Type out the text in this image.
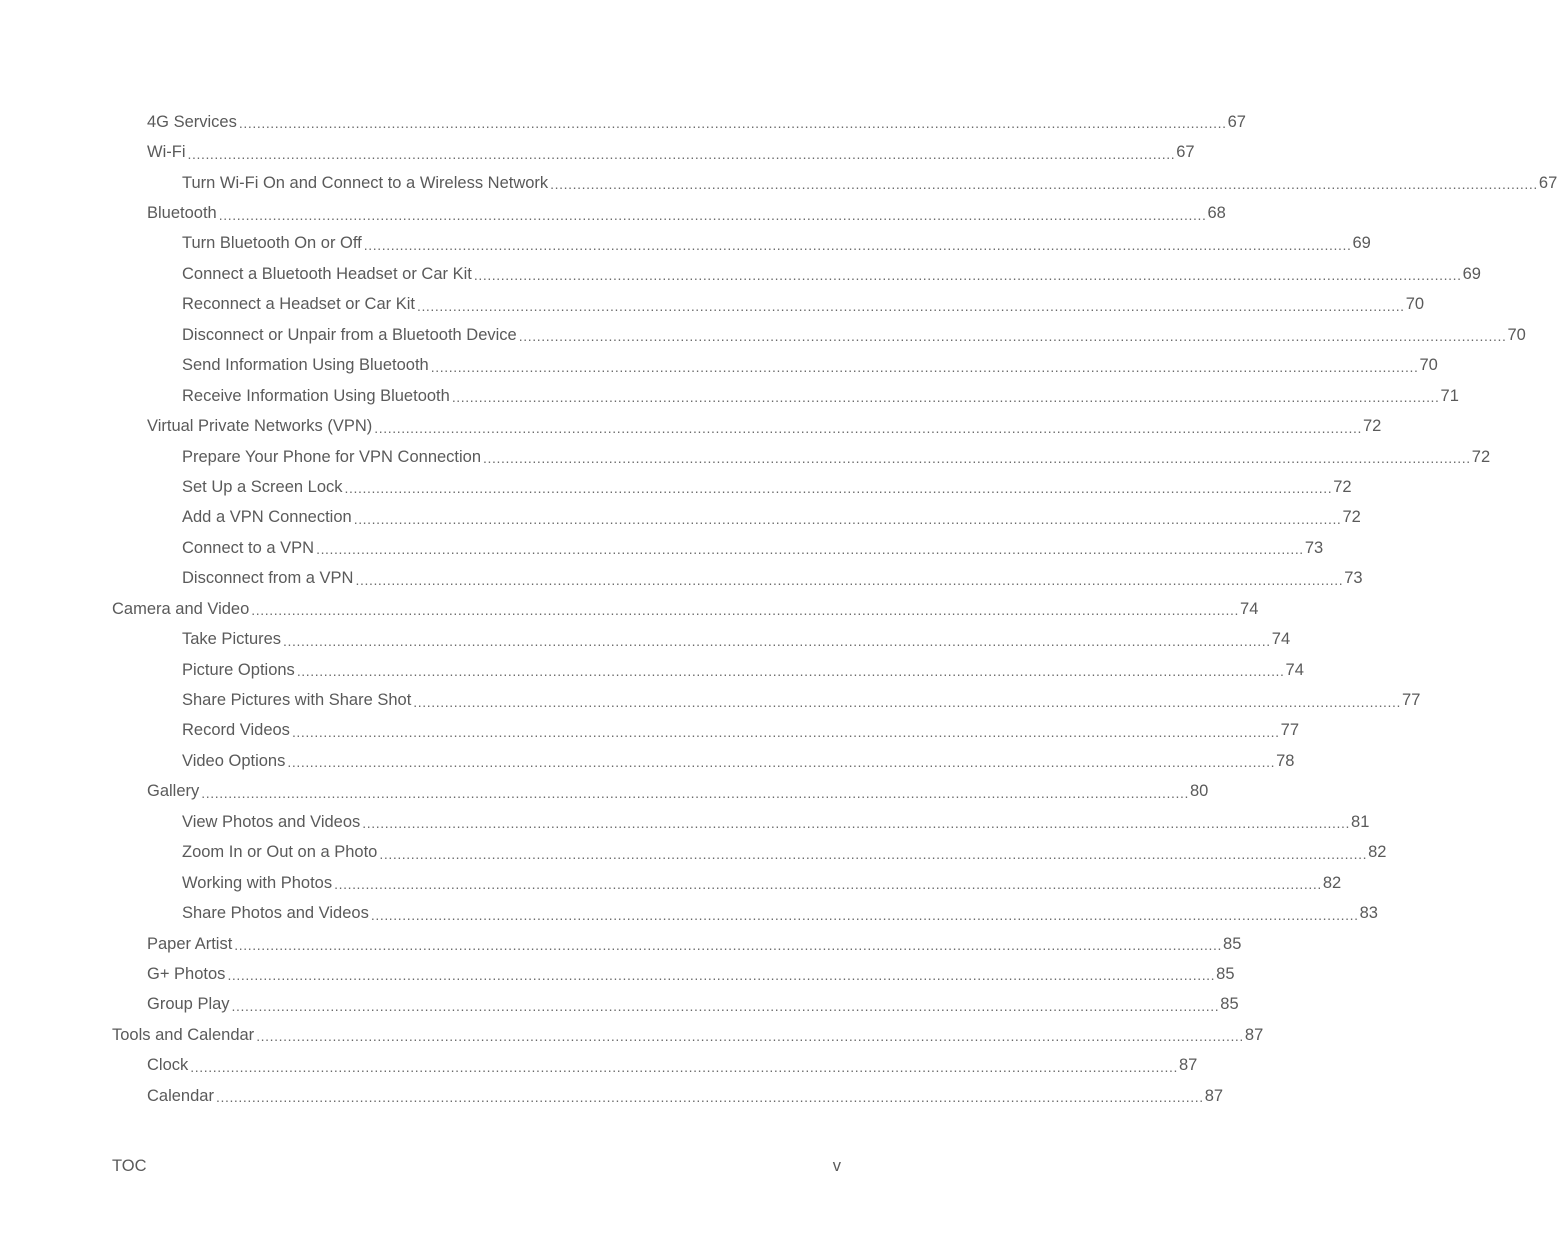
4G Services ............................................................................................................................................................................................................................ 67
Wi-Fi ............................................................................................................................................................................................................................ 67
Turn Wi-Fi On and Connect to a Wireless Network ............................................................................................................................................................................................................................ 67
Bluetooth ............................................................................................................................................................................................................................ 68
Turn Bluetooth On or Off ............................................................................................................................................................................................................................ 69
Connect a Bluetooth Headset or Car Kit ............................................................................................................................................................................................................................ 69
Reconnect a Headset or Car Kit ............................................................................................................................................................................................................................ 70
Disconnect or Unpair from a Bluetooth Device ............................................................................................................................................................................................................................ 70
Send Information Using Bluetooth ............................................................................................................................................................................................................................ 70
Receive Information Using Bluetooth ............................................................................................................................................................................................................................ 71
Virtual Private Networks (VPN) ............................................................................................................................................................................................................................ 72
Prepare Your Phone for VPN Connection ............................................................................................................................................................................................................................ 72
Set Up a Screen Lock ............................................................................................................................................................................................................................ 72
Add a VPN Connection ............................................................................................................................................................................................................................ 72
Connect to a VPN ............................................................................................................................................................................................................................ 73
Disconnect from a VPN ............................................................................................................................................................................................................................ 73
Camera and Video ............................................................................................................................................................................................................................ 74
Take Pictures ............................................................................................................................................................................................................................ 74
Picture Options ............................................................................................................................................................................................................................ 74
Share Pictures with Share Shot ............................................................................................................................................................................................................................ 77
Record Videos ............................................................................................................................................................................................................................ 77
Video Options ............................................................................................................................................................................................................................ 78
Gallery ............................................................................................................................................................................................................................ 80
View Photos and Videos ............................................................................................................................................................................................................................ 81
Zoom In or Out on a Photo ............................................................................................................................................................................................................................ 82
Working with Photos ............................................................................................................................................................................................................................ 82
Share Photos and Videos ............................................................................................................................................................................................................................ 83
Paper Artist ............................................................................................................................................................................................................................ 85
G+ Photos ............................................................................................................................................................................................................................ 85
Group Play ............................................................................................................................................................................................................................ 85
Tools and Calendar ............................................................................................................................................................................................................................ 87
Clock ............................................................................................................................................................................................................................ 87
Calendar ............................................................................................................................................................................................................................ 87
TOC	v
